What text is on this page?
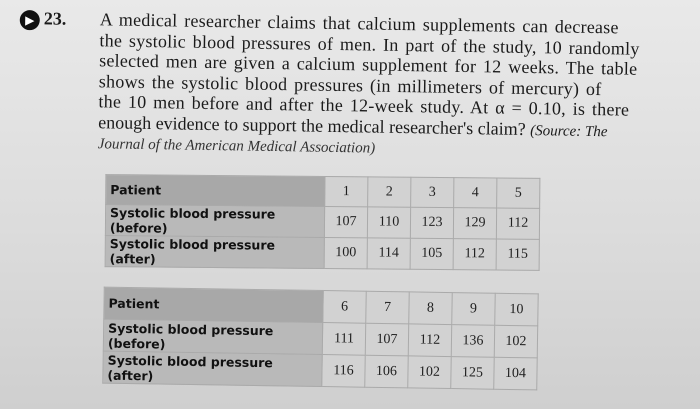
▶ 23. A medical researcher claims that calcium supplements can decrease
the systolic blood pressures of men. In part of the study, 10 randomly
selected men are given a calcium supplement for 12 weeks. The table
shows the systolic blood pressures (in millimeters of mercury) of
the 10 men before and after the 12-week study. At α = 0.10, is there
enough evidence to support the medical researcher's claim? (Source: The
Journal of the American Medical Association)
Patient	1	2	3	4	5
Systolic blood pressure (before)	107	110	123	129	112
Systolic blood pressure (after)	100	114	105	112	115
Patient	6	7	8	9	10
Systolic blood pressure (before)	111	107	112	136	102
Systolic blood pressure (after)	116	106	102	125	104
